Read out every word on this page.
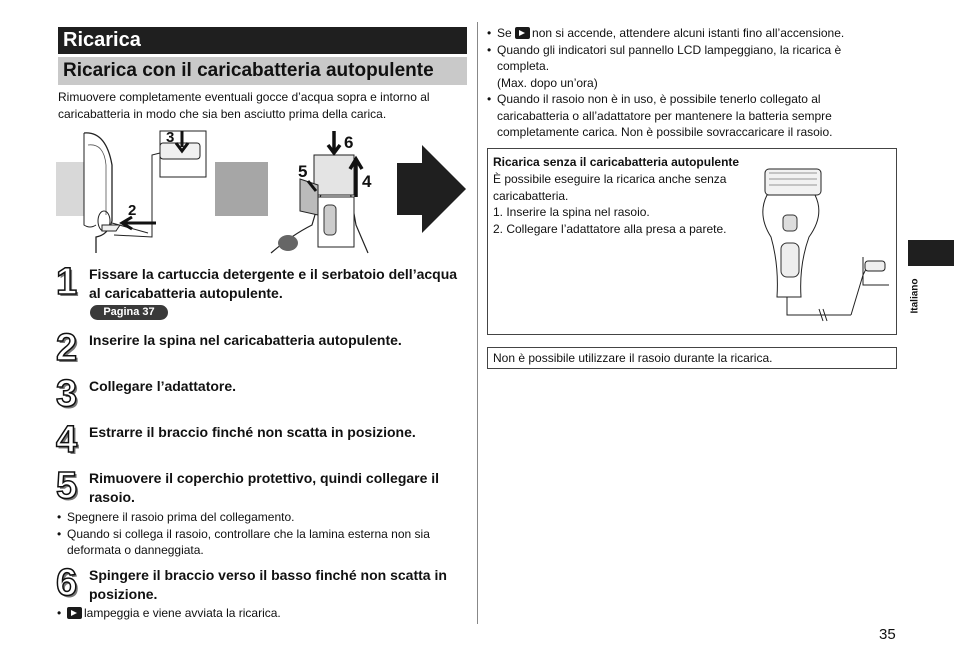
Ricarica
Ricarica con il caricabatteria autopulente
Rimuovere completamente eventuali gocce d’acqua sopra e intorno al caricabatteria in modo che sia ben asciutto prima della carica.
3
2
6
5
4
1 Fissare la cartuccia detergente e il serbatoio dell’acqua al caricabatteria autopulente.
Pagina 37
2 Inserire la spina nel caricabatteria autopulente.
3 Collegare l’adattatore.
4 Estrarre il braccio finché non scatta in posizione.
5 Rimuovere il coperchio protettivo, quindi collegare il rasoio.
• Spegnere il rasoio prima del collegamento.
• Quando si collega il rasoio, controllare che la lamina esterna non sia deformata o danneggiata.
6 Spingere il braccio verso il basso finché non scatta in posizione.
• lampeggia e viene avviata la ricarica.
• Se non si accende, attendere alcuni istanti fino all’accensione.
• Quando gli indicatori sul pannello LCD lampeggiano, la ricarica è completa.
(Max. dopo un’ora)
• Quando il rasoio non è in uso, è possibile tenerlo collegato al caricabatteria o all’adattatore per mantenere la batteria sempre completamente carica. Non è possibile sovraccaricare il rasoio.
Ricarica senza il caricabatteria autopulente
È possibile eseguire la ricarica anche senza caricabatteria.
1. Inserire la spina nel rasoio.
2. Collegare l’adattatore alla presa a parete.
Non è possibile utilizzare il rasoio durante la ricarica.
Italiano
35
